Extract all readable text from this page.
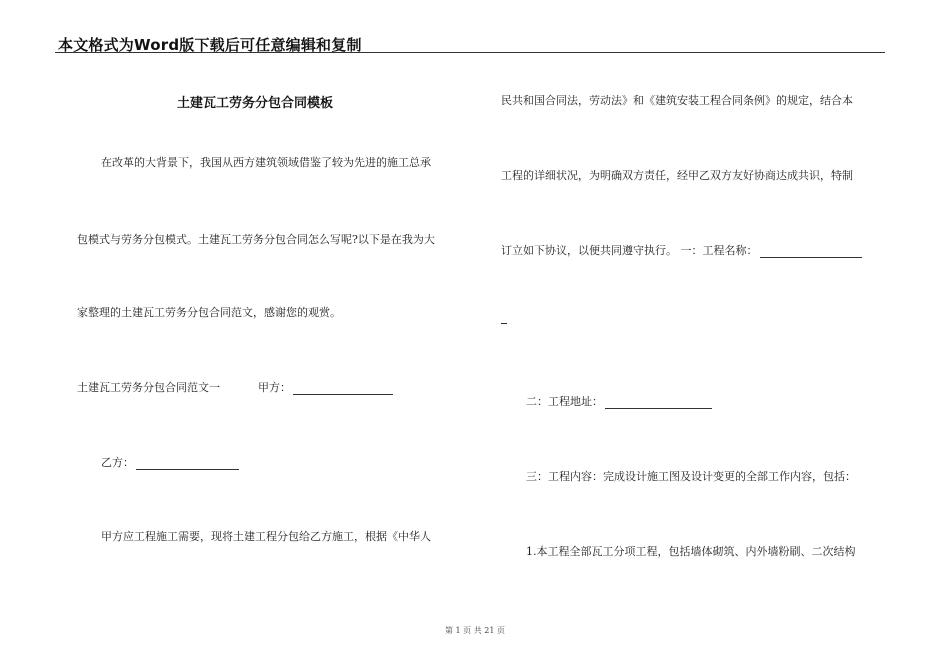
本文格式为Word版下载后可任意编辑和复制
土建瓦工劳务分包合同模板
在改革的大背景下，我国从西方建筑领域借鉴了较为先进的施工总承
包模式与劳务分包模式。土建瓦工劳务分包合同怎么写呢?以下是在我为大
家整理的土建瓦工劳务分包合同范文，感谢您的观赏。
土建瓦工劳务分包合同范文一	甲方：
乙方：
甲方应工程施工需要，现将土建工程分包给乙方施工，根据《中华人
民共和国合同法，劳动法》和《建筑安装工程合同条例》的规定，结合本
工程的详细状况，为明确双方责任，经甲乙双方友好协商达成共识，特制
订立如下协议，以便共同遵守执行。 一：工程名称：
二：工程地址：
三：工程内容：完成设计施工图及设计变更的全部工作内容，包括：
1.本工程全部瓦工分项工程，包括墙体砌筑、内外墙粉刷、二次结构
第 1 页 共 21 页
